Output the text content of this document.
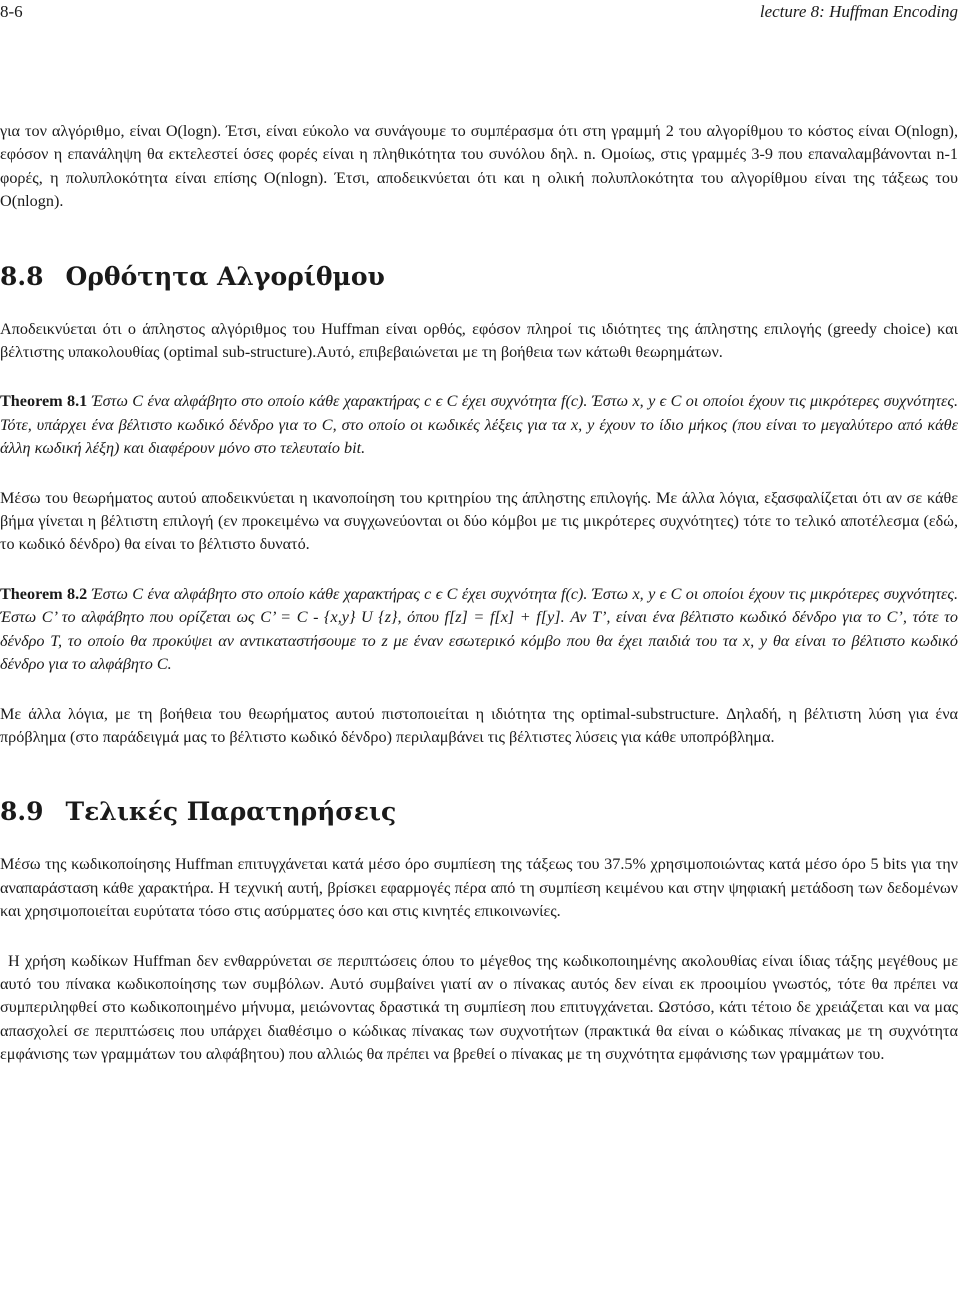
8-6	lecture 8: Huffman Encoding

για τον αλγόριθμο, είναι O(logn). Έτσι, είναι εύκολο να συνάγουμε το συμπέρασμα ότι στη γραμμή 2 του αλγορίθμου το κόστος είναι O(nlogn), εφόσον η επανάληψη θα εκτελεστεί όσες φορές είναι η πληθικότητα του συνόλου δηλ. n. Ομοίως, στις γραμμές 3-9 που επαναλαμβάνονται n-1 φορές, η πολυπλοκότητα είναι επίσης O(nlogn). Έτσι, αποδεικνύεται ότι και η ολική πολυπλοκότητα του αλγορίθμου είναι της τάξεως του O(nlogn).

8.8 Ορθότητα Αλγορίθμου

Αποδεικνύεται ότι ο άπληστος αλγόριθμος του Huffman είναι ορθός, εφόσον πληροί τις ιδιότητες της άπληστης επιλογής (greedy choice) και βέλτιστης υπακολουθίας (optimal sub-structure).Αυτό, επιβεβαιώνεται με τη βοήθεια των κάτωθι θεωρημάτων.

Theorem 8.1 Έστω C ένα αλφάβητο στο οποίο κάθε χαρακτήρας c ϵ C έχει συχνότητα f(c). Έστω x, y ϵ C οι οποίοι έχουν τις μικρότερες συχνότητες. Τότε, υπάρχει ένα βέλτιστο κωδικό δένδρο για το C, στο οποίο οι κωδικές λέξεις για τα x, y έχουν το ίδιο μήκος (που είναι το μεγαλύτερο από κάθε άλλη κωδική λέξη) και διαφέρουν μόνο στο τελευταίο bit.

Μέσω του θεωρήματος αυτού αποδεικνύεται η ικανοποίηση του κριτηρίου της άπληστης επιλογής. Με άλλα λόγια, εξασφαλίζεται ότι αν σε κάθε βήμα γίνεται η βέλτιστη επιλογή (εν προκειμένω να συγχωνεύονται οι δύο κόμβοι με τις μικρότερες συχνότητες) τότε το τελικό αποτέλεσμα (εδώ, το κωδικό δένδρο) θα είναι το βέλτιστο δυνατό.

Theorem 8.2 Έστω C ένα αλφάβητο στο οποίο κάθε χαρακτήρας c ϵ C έχει συχνότητα f(c). Έστω x, y ϵ C οι οποίοι έχουν τις μικρότερες συχνότητες. Έστω C’ το αλφάβητο που ορίζεται ως C’ = C - {x,y} U {z}, όπου f[z] = f[x] + f[y]. Αν T’, είναι ένα βέλτιστο κωδικό δένδρο για το C’, τότε το δένδρο T, το οποίο θα προκύψει αν αντικαταστήσουμε το z με έναν εσωτερικό κόμβο που θα έχει παιδιά του τα x, y θα είναι το βέλτιστο κωδικό δένδρο για το αλφάβητο C.

Με άλλα λόγια, με τη βοήθεια του θεωρήματος αυτού πιστοποιείται η ιδιότητα της optimal-substructure. Δηλαδή, η βέλτιστη λύση για ένα πρόβλημα (στο παράδειγμά μας το βέλτιστο κωδικό δένδρο) περιλαμβάνει τις βέλτιστες λύσεις για κάθε υποπρόβλημα.

8.9 Τελικές Παρατηρήσεις

Μέσω της κωδικοποίησης Huffman επιτυγχάνεται κατά μέσο όρο συμπίεση της τάξεως του 37.5% χρησιμοποιώντας κατά μέσο όρο 5 bits για την αναπαράσταση κάθε χαρακτήρα. Η τεχνική αυτή, βρίσκει εφαρμογές πέρα από τη συμπίεση κειμένου και στην ψηφιακή μετάδοση των δεδομένων και χρησιμοποιείται ευρύτατα τόσο στις ασύρματες όσο και στις κινητές επικοινωνίες.

Η χρήση κωδίκων Huffman δεν ενθαρρύνεται σε περιπτώσεις όπου το μέγεθος της κωδικοποιημένης ακολουθίας είναι ίδιας τάξης μεγέθους με αυτό του πίνακα κωδικοποίησης των συμβόλων. Αυτό συμβαίνει γιατί αν ο πίνακας αυτός δεν είναι εκ προοιμίου γνωστός, τότε θα πρέπει να συμπεριληφθεί στο κωδικοποιημένο μήνυμα, μειώνοντας δραστικά τη συμπίεση που επιτυγχάνεται. Ωστόσο, κάτι τέτοιο δε χρειάζεται και να μας απασχολεί σε περιπτώσεις που υπάρχει διαθέσιμο ο κώδικας πίνακας των συχνοτήτων (πρακτικά θα είναι ο κώδικας πίνακας με τη συχνότητα εμφάνισης των γραμμάτων του αλφάβητου) που αλλιώς θα πρέπει να βρεθεί ο πίνακας με τη συχνότητα εμφάνισης των γραμμάτων του.
